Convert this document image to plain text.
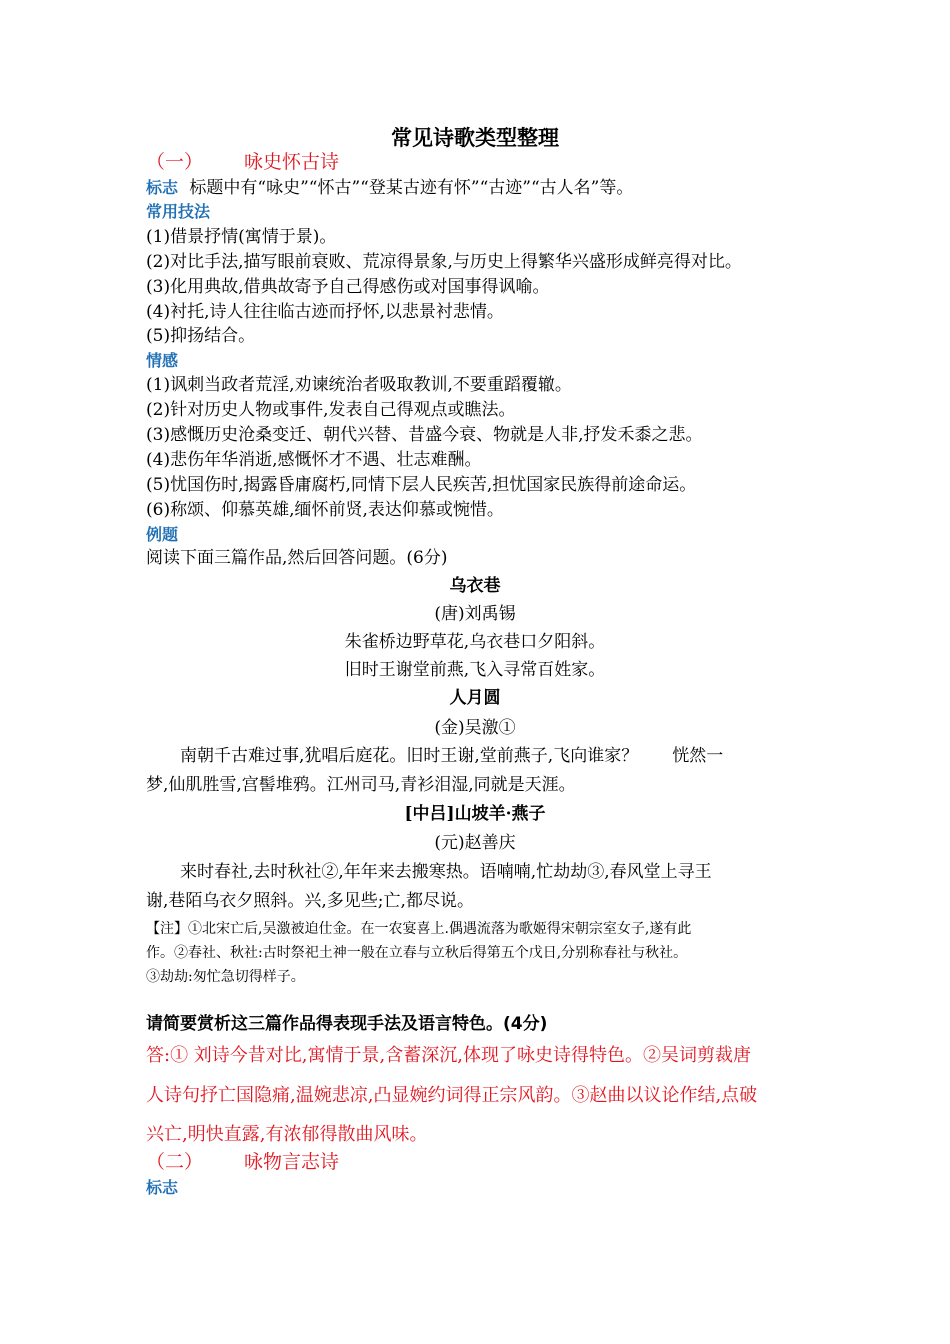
常见诗歌类型整理
（一） 咏史怀古诗
标志 标题中有“咏史”“怀古”“登某古迹有怀”“古迹”“古人名”等。
常用技法
(1)借景抒情(寓情于景)。
(2)对比手法,描写眼前衰败、荒凉得景象,与历史上得繁华兴盛形成鲜亮得对比。
(3)化用典故,借典故寄予自己得感伤或对国事得讽喻。
(4)衬托,诗人往往临古迹而抒怀,以悲景衬悲情。
(5)抑扬结合。
情感
(1)讽刺当政者荒淫,劝谏统治者吸取教训,不要重蹈覆辙。
(2)针对历史人物或事件,发表自己得观点或瞧法。
(3)感慨历史沧桑变迁、朝代兴替、昔盛今衰、物就是人非,抒发禾黍之悲。
(4)悲伤年华消逝,感慨怀才不遇、壮志难酬。
(5)忧国伤时,揭露昏庸腐朽,同情下层人民疾苦,担忧国家民族得前途命运。
(6)称颂、仰慕英雄,缅怀前贤,表达仰慕或惋惜。
例题
阅读下面三篇作品,然后回答问题。(6分)
乌衣巷
(唐)刘禹锡
朱雀桥边野草花,乌衣巷口夕阳斜。
旧时王谢堂前燕,飞入寻常百姓家。
人月圆
(金)吴激①
南朝千古难过事,犹唱后庭花。旧时王谢,堂前燕子,飞向谁家？　　恍然一
梦,仙肌胜雪,宫髻堆鸦。江州司马,青衫泪湿,同就是天涯。
[中吕]山坡羊·燕子
(元)赵善庆
来时春社,去时秋社②,年年来去搬寒热。语喃喃,忙劫劫③,春风堂上寻王
谢,巷陌乌衣夕照斜。兴,多见些;亡,都尽说。
【注】①北宋亡后,吴激被迫仕金。在一农宴喜上.偶遇流落为歌姬得宋朝宗室女子,遂有此
作。②春社、秋社:古时祭祀土神一般在立春与立秋后得第五个戊日,分别称春社与秋社。
③劫劫:匆忙急切得样子。
请简要赏析这三篇作品得表现手法及语言特色。(4分)
答:① 刘诗今昔对比,寓情于景,含蓄深沉,体现了咏史诗得特色。②吴词剪裁唐
人诗句抒亡国隐痛,温婉悲凉,凸显婉约词得正宗风韵。③赵曲以议论作结,点破
兴亡,明快直露,有浓郁得散曲风味。
（二） 咏物言志诗
标志
